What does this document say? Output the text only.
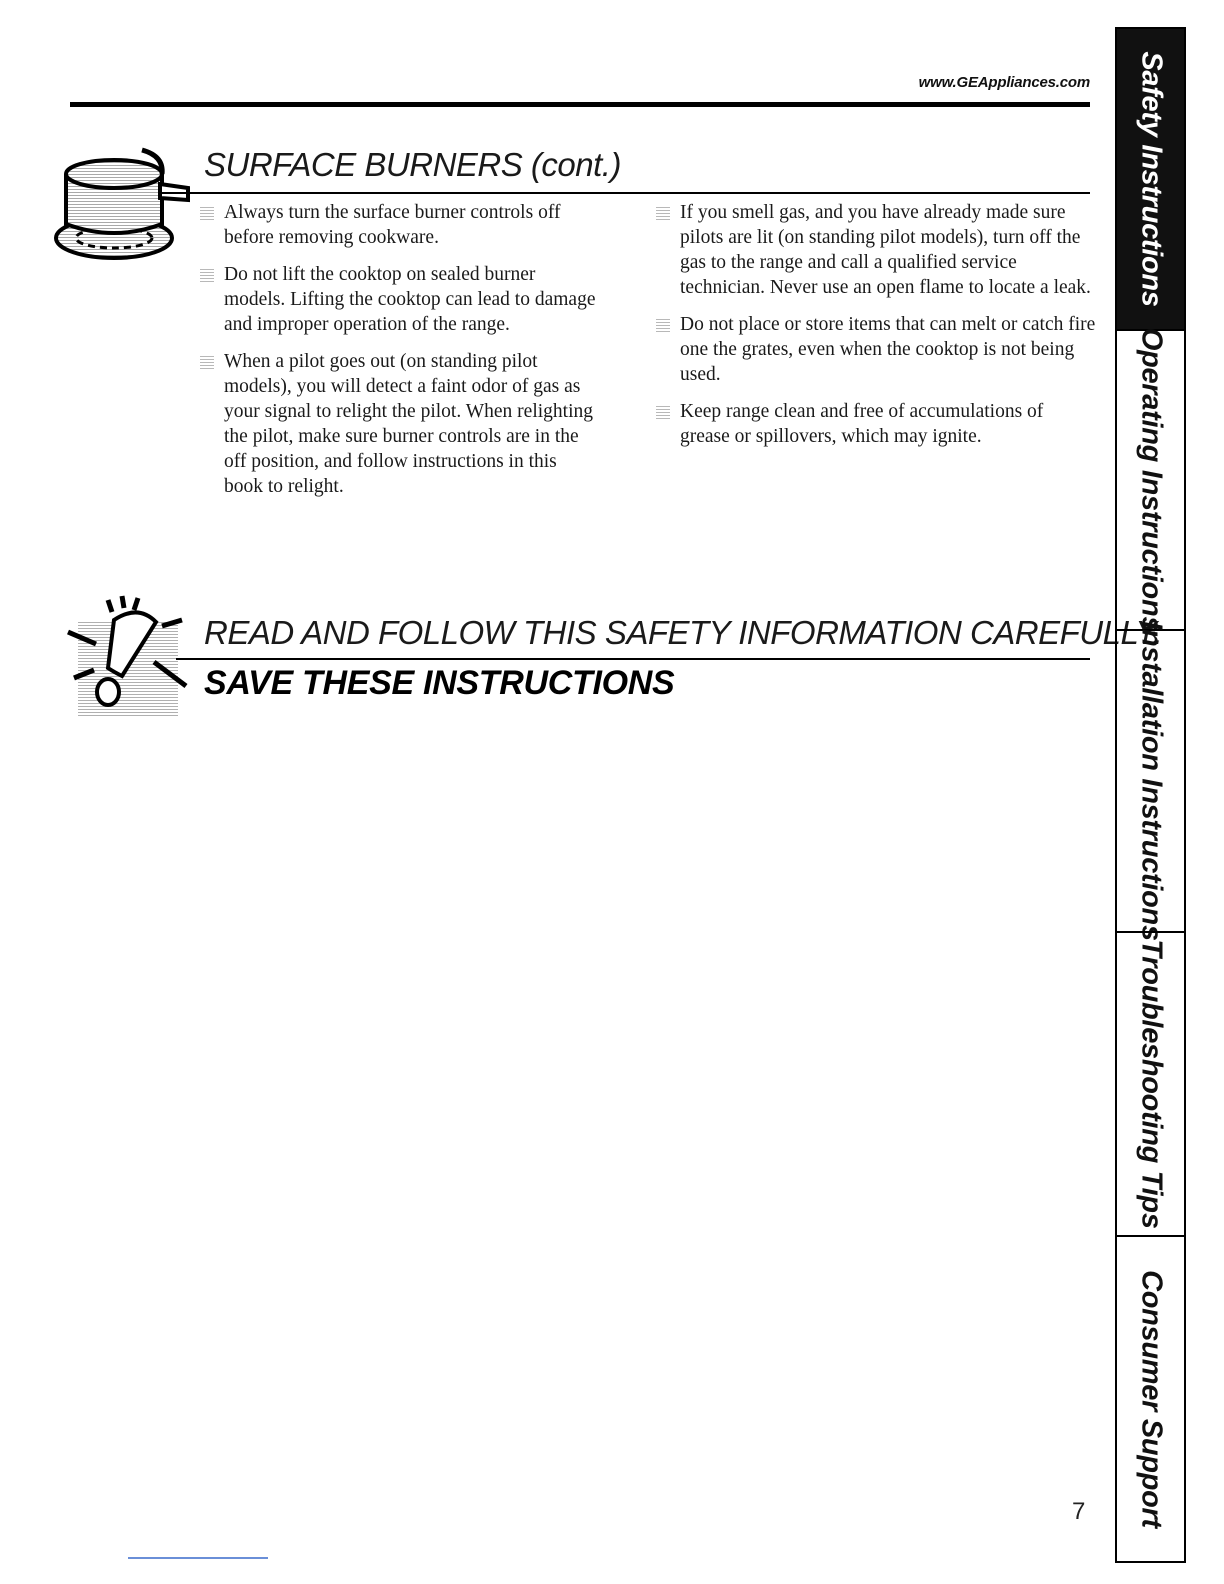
www.GEAppliances.com
SURFACE BURNERS (cont.)
Always turn the surface burner controls off before removing cookware.
Do not lift the cooktop on sealed burner models. Lifting the cooktop can lead to damage and improper operation of the range.
When a pilot goes out (on standing pilot models), you will detect a faint odor of gas as your signal to relight the pilot. When relighting the pilot, make sure burner controls are in the off position, and follow instructions in this book to relight.
If you smell gas, and you have already made sure pilots are lit (on standing pilot models), turn off the gas to the range and call a qualified service technician. Never use an open flame to locate a leak.
Do not place or store items that can melt or catch fire one the grates, even when the cooktop is not being used.
Keep range clean and free of accumulations of grease or spillovers, which may ignite.
READ AND FOLLOW THIS SAFETY INFORMATION CAREFULLY.
SAVE THESE INSTRUCTIONS
7
Safety Instructions
Operating Instructions
Installation Instructions
Troubleshooting Tips
Consumer Support
